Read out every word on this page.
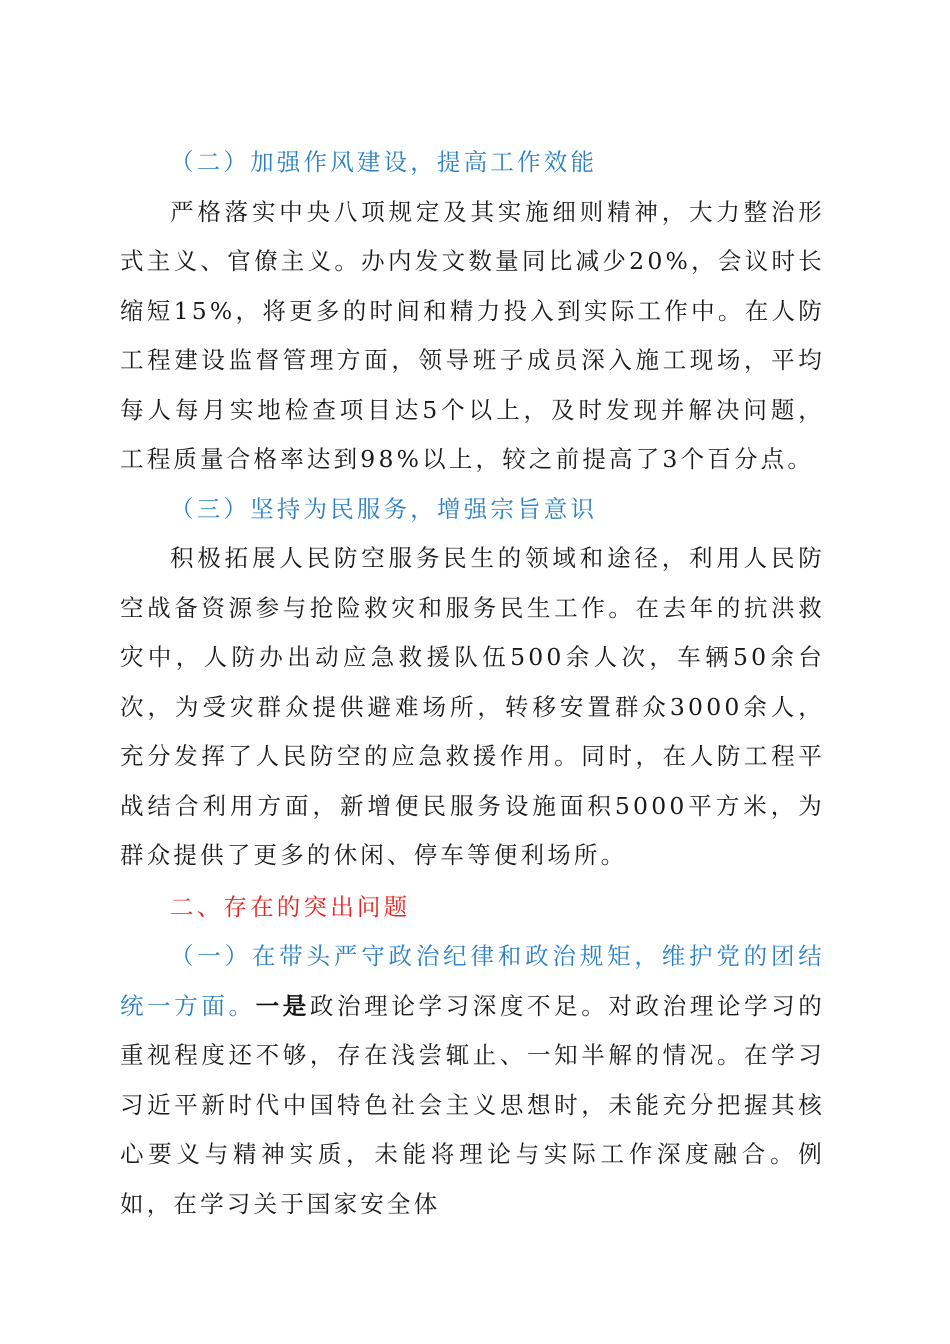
（二）加强作风建设，提高工作效能

严格落实中央八项规定及其实施细则精神，大力整治形式主义、官僚主义。办内发文数量同比减少20%，会议时长缩短15%，将更多的时间和精力投入到实际工作中。在人防工程建设监督管理方面，领导班子成员深入施工现场，平均每人每月实地检查项目达5个以上，及时发现并解决问题，工程质量合格率达到98%以上，较之前提高了3个百分点。

（三）坚持为民服务，增强宗旨意识

积极拓展人民防空服务民生的领域和途径，利用人民防空战备资源参与抢险救灾和服务民生工作。在去年的抗洪救灾中，人防办出动应急救援队伍500余人次，车辆50余台次，为受灾群众提供避难场所，转移安置群众3000余人，充分发挥了人民防空的应急救援作用。同时，在人防工程平战结合利用方面，新增便民服务设施面积5000平方米，为群众提供了更多的休闲、停车等便利场所。

二、存在的突出问题

（一）在带头严守政治纪律和政治规矩，维护党的团结统一方面。一是政治理论学习深度不足。对政治理论学习的重视程度还不够，存在浅尝辄止、一知半解的情况。在学习习近平新时代中国特色社会主义思想时，未能充分把握其核心要义与精神实质，未能将理论与实际工作深度融合。例如，在学习关于国家安全体
